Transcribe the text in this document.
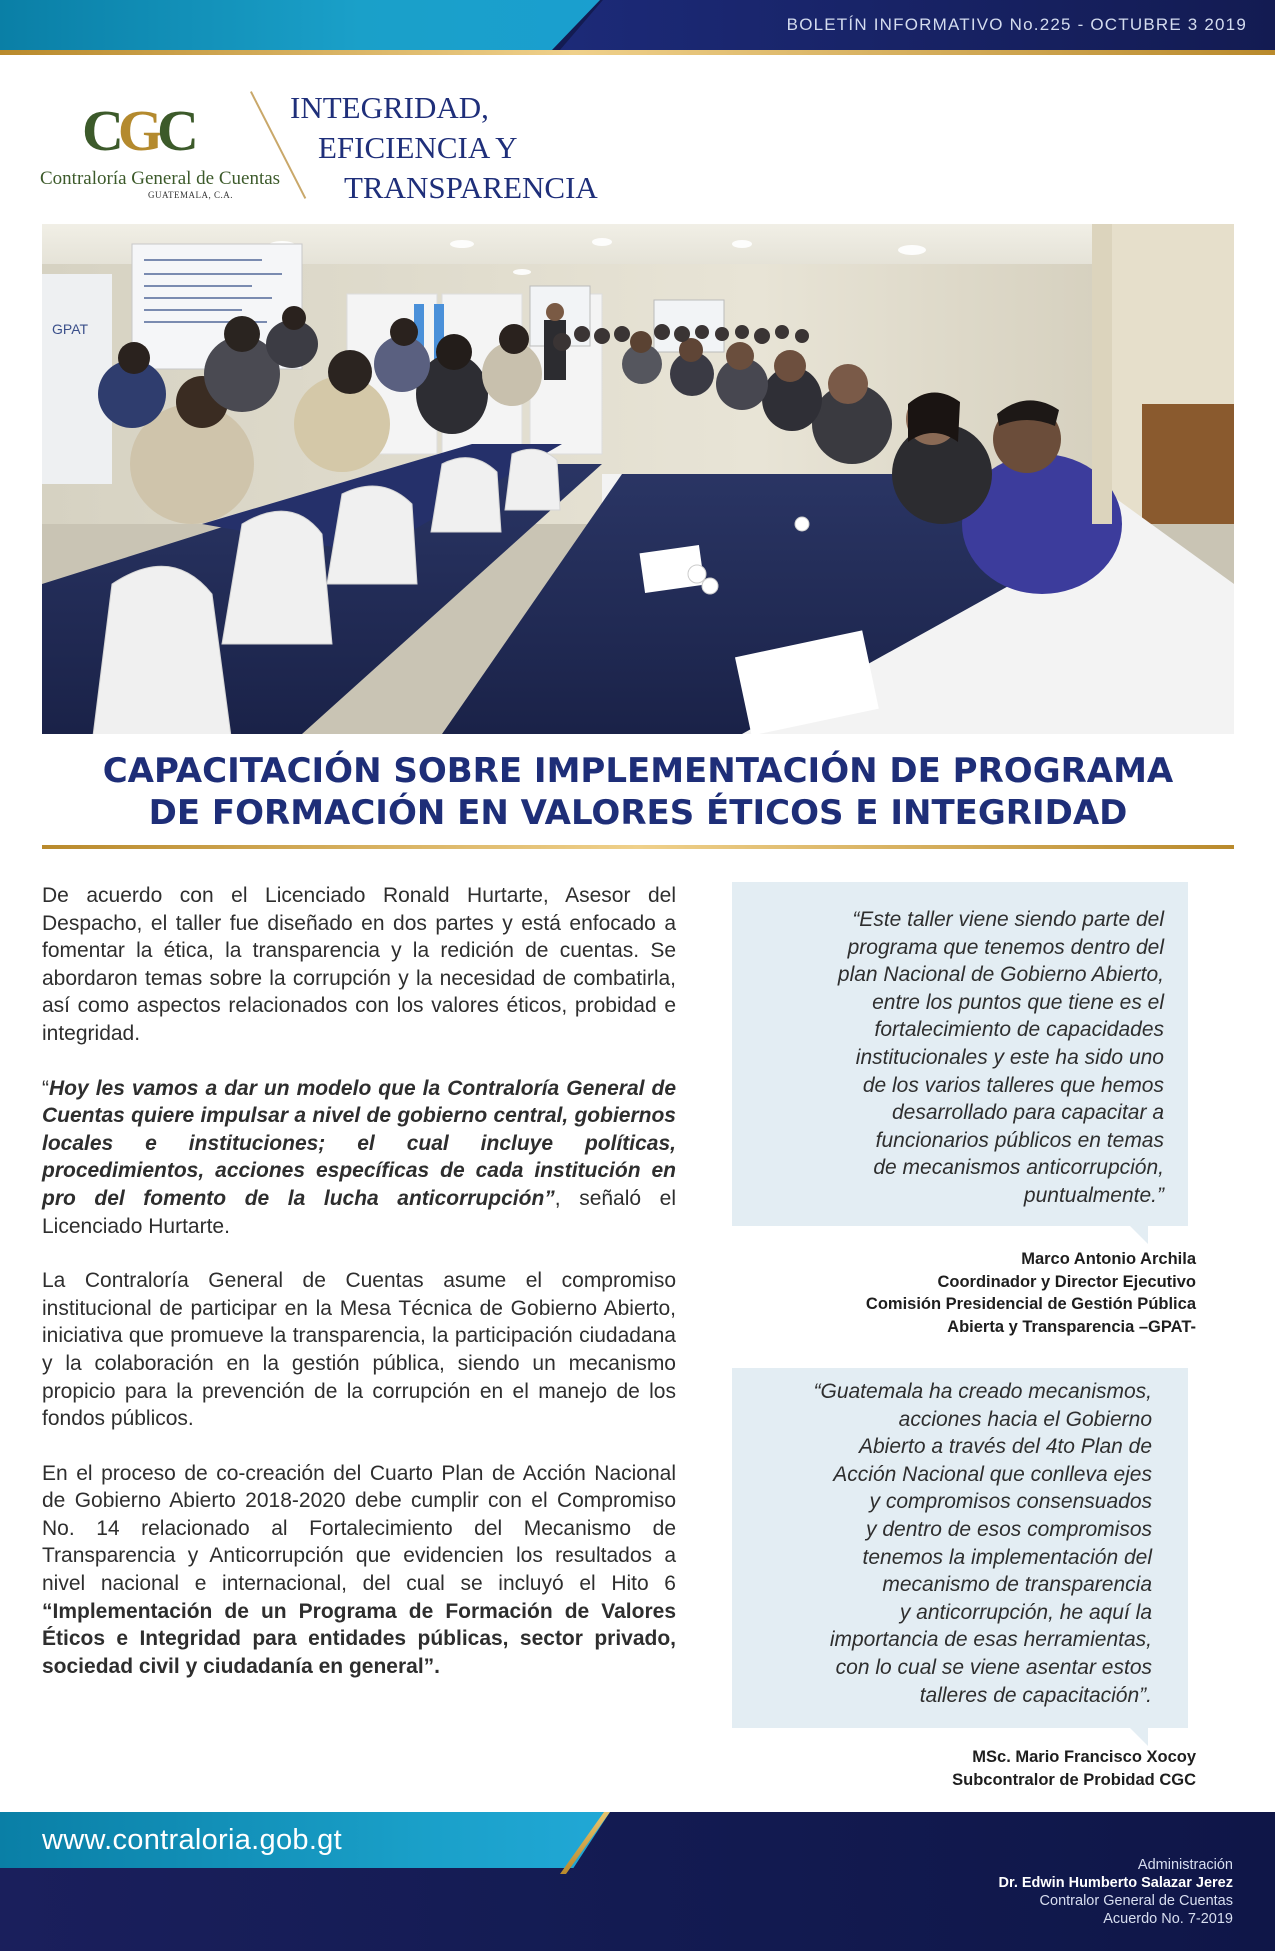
BOLETÍN INFORMATIVO No.225 - OCTUBRE 3 2019
CGC
Contraloría General de Cuentas
GUATEMALA, C.A.
INTEGRIDAD,
EFICIENCIA Y
TRANSPARENCIA
GPAT
CAPACITACIÓN SOBRE IMPLEMENTACIÓN DE PROGRAMA
DE FORMACIÓN EN VALORES ÉTICOS E INTEGRIDAD

De acuerdo con el Licenciado Ronald Hurtarte, Asesor del Despacho, el taller fue diseñado en dos partes y está enfocado a fomentar la ética, la transparencia y la redición de cuentas. Se abordaron temas sobre la corrupción y la necesidad de combatirla, así como aspectos relacionados con los valores éticos, probidad e integridad.

“Hoy les vamos a dar un modelo que la Contraloría General de Cuentas quiere impulsar a nivel de gobierno central, gobiernos locales e instituciones; el cual incluye políticas, procedimientos, acciones específicas de cada institución en pro del fomento de la lucha anticorrupción”, señaló el Licenciado Hurtarte.

La Contraloría General de Cuentas asume el compromiso institucional de participar en la Mesa Técnica de Gobierno Abierto, iniciativa que promueve la transparencia, la participación ciudadana y la colaboración en la gestión pública, siendo un mecanismo propicio para la prevención de la corrupción en el manejo de los fondos públicos.

En el proceso de co-creación del Cuarto Plan de Acción Nacional de Gobierno Abierto 2018-2020 debe cumplir con el Compromiso No. 14 relacionado al Fortalecimiento del Mecanismo de Transparencia y Anticorrupción que evidencien los resultados a nivel nacional e internacional, del cual se incluyó el Hito 6 “Implementación de un Programa de Formación de Valores Éticos e Integridad para entidades públicas, sector privado, sociedad civil y ciudadanía en general”.

“Este taller viene siendo parte del
programa que tenemos dentro del
plan Nacional de Gobierno Abierto,
entre los puntos que tiene es el
fortalecimiento de capacidades
institucionales y este ha sido uno
de los varios talleres que hemos
desarrollado para capacitar a
funcionarios públicos en temas
de mecanismos anticorrupción,
puntualmente.”
Marco Antonio Archila
Coordinador y Director Ejecutivo
Comisión Presidencial de Gestión Pública
Abierta y Transparencia –GPAT-
“Guatemala ha creado mecanismos,
acciones hacia el Gobierno
Abierto a través del 4to Plan de
Acción Nacional que conlleva ejes
y compromisos consensuados
y dentro de esos compromisos
tenemos la implementación del
mecanismo de transparencia
y anticorrupción, he aquí la
importancia de esas herramientas,
con lo cual se viene asentar estos
talleres de capacitación”.
MSc. Mario Francisco Xocoy
Subcontralor de Probidad CGC
www.contraloria.gob.gt
Administración
Dr. Edwin Humberto Salazar Jerez
Contralor General de Cuentas
Acuerdo No. 7-2019
